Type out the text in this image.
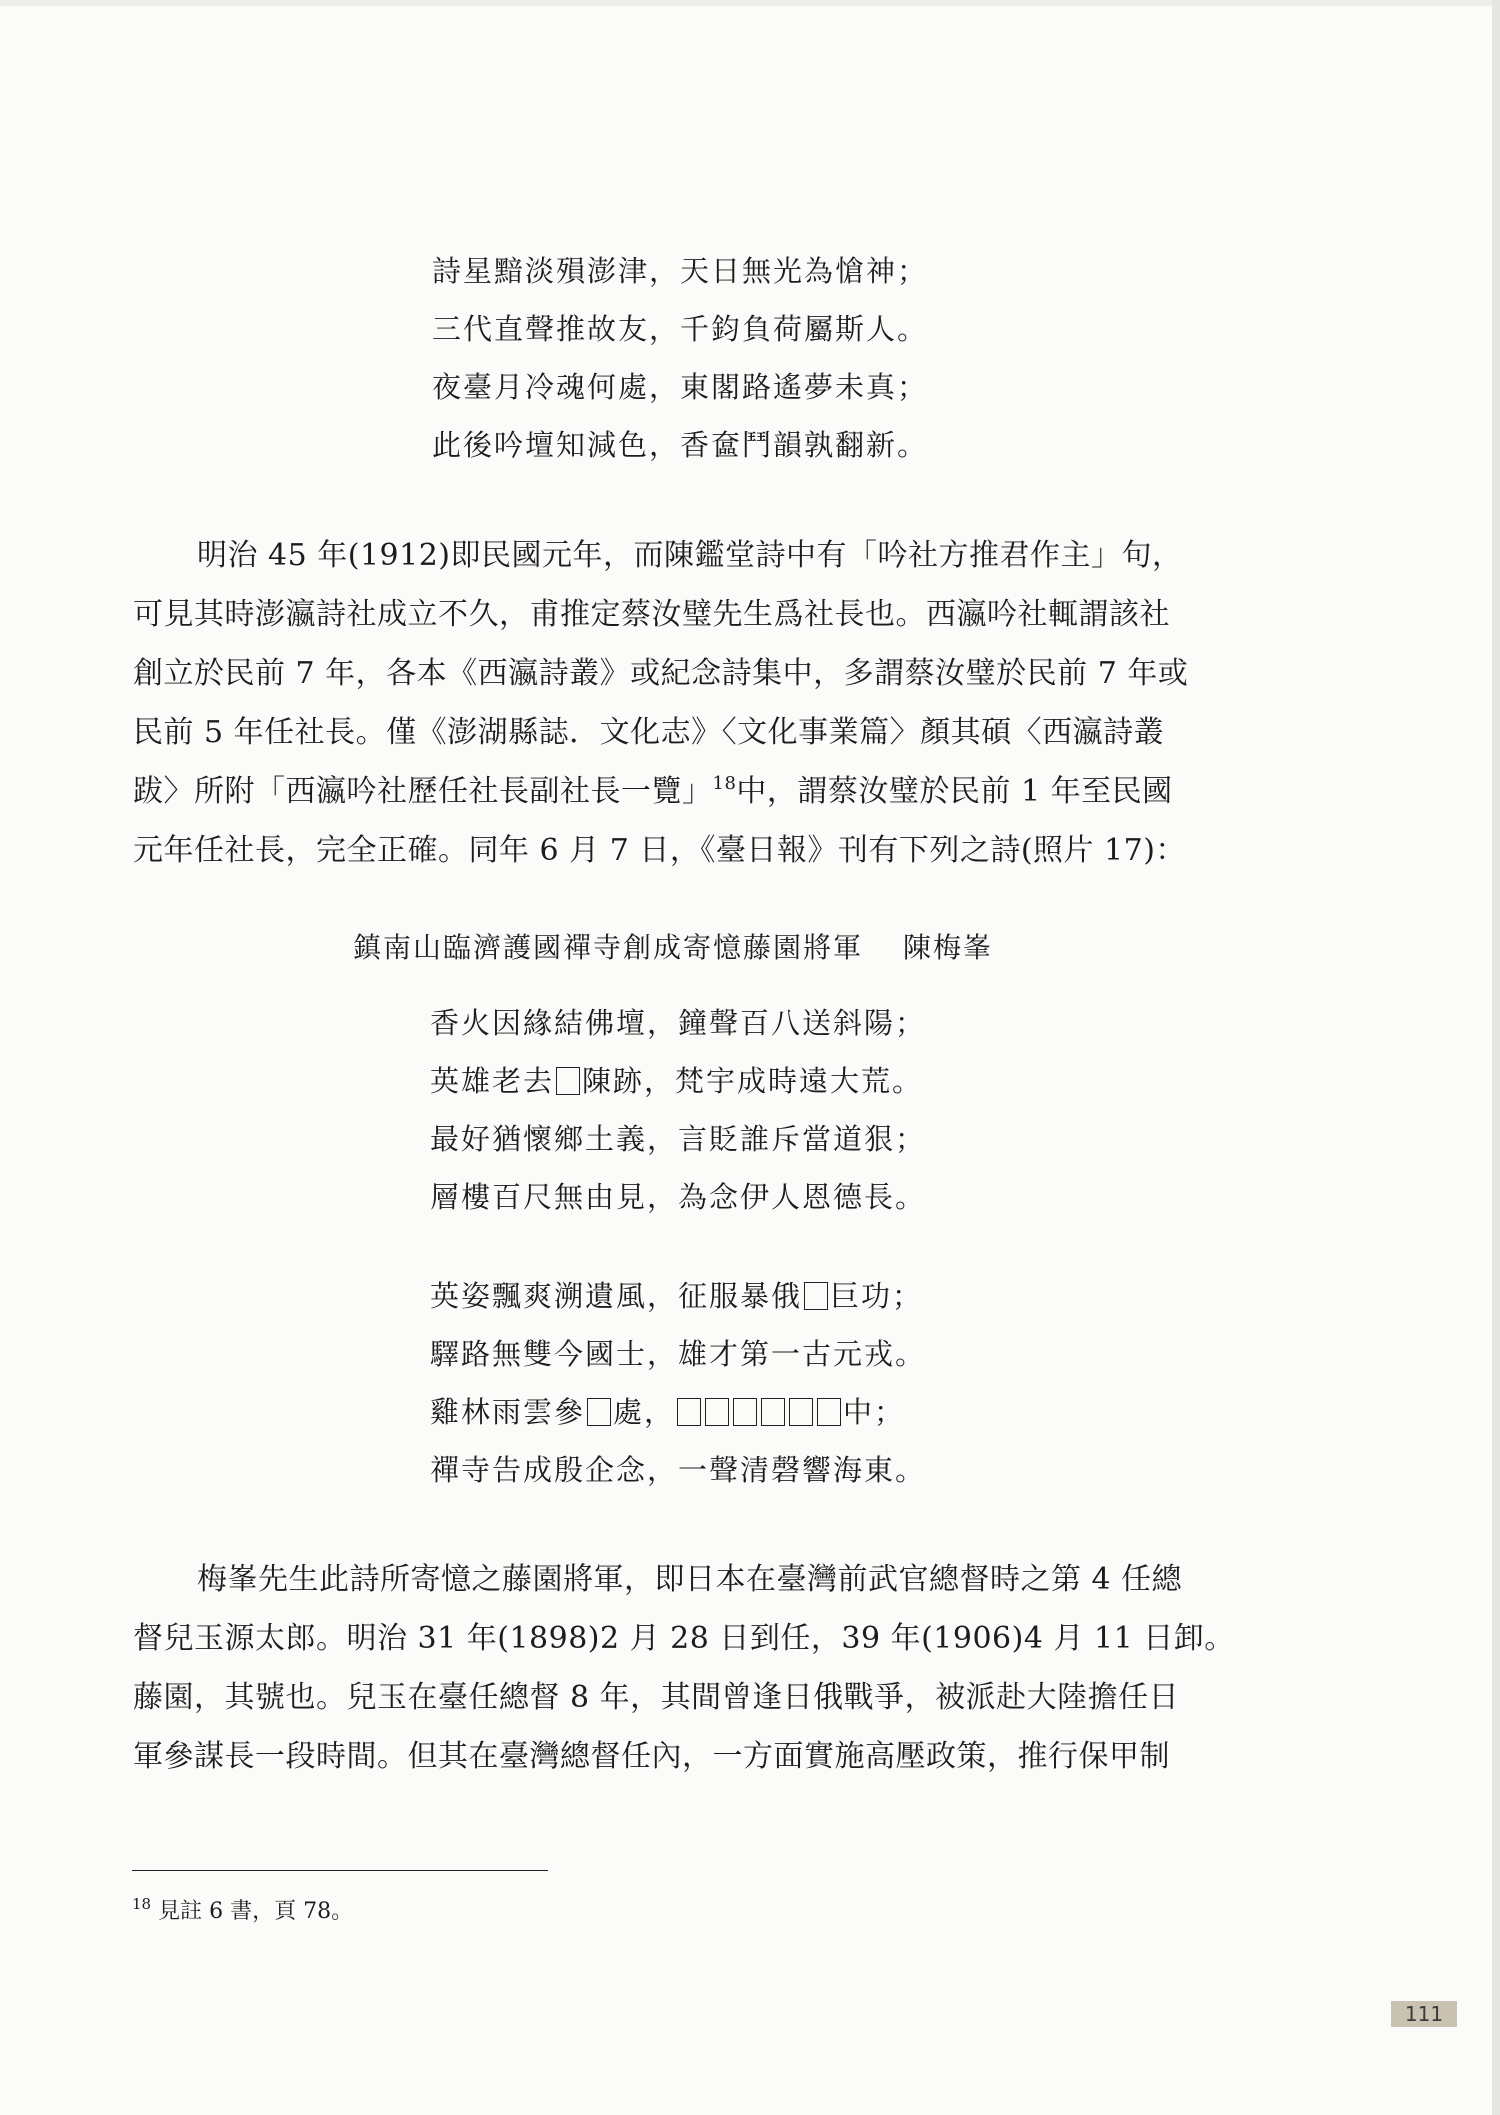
詩星黯淡殞澎津，天日無光為愴神；
三代直聲推故友，千鈞負荷屬斯人。
夜臺月冷魂何處，東閣路遙夢未真；
此後吟壇知減色，香奩鬥韻孰翻新。
明治 45 年(1912)即民國元年，而陳鑑堂詩中有「吟社方推君作主」句，
可見其時澎瀛詩社成立不久，甫推定蔡汝璧先生爲社長也。西瀛吟社輒謂該社
創立於民前 7 年，各本《西瀛詩叢》或紀念詩集中，多謂蔡汝璧於民前 7 年或
民前 5 年任社長。僅《澎湖縣誌．文化志》〈文化事業篇〉顏其碩〈西瀛詩叢
跋〉所附「西瀛吟社歷任社長副社長一覽」$^{18}$中，謂蔡汝璧於民前 1 年至民國
元年任社長，完全正確。同年 6 月 7 日，《臺日報》刊有下列之詩(照片 17)：

鎮南山臨濟護國禪寺創成寄憶藤園將軍 陳梅峯

香火因緣結佛壇，鐘聲百八送斜陽；
英雄老去 陳跡，梵宇成時遠大荒。
最好猶懷鄉土義，言貶誰斥當道狠；
層樓百尺無由見，為念伊人恩德長。
英姿飄爽溯遺風，征服暴俄 巨功；
驛路無雙今國士，雄才第一古元戎。
雞林雨雲參 處，	中；
禪寺告成殷企念，一聲清磬響海東。
梅峯先生此詩所寄憶之藤園將軍，即日本在臺灣前武官總督時之第 4 任總
督兒玉源太郎。明治 31 年(1898)2 月 28 日到任，39 年(1906)4 月 11 日卸。
藤園，其號也。兒玉在臺任總督 8 年，其間曾逢日俄戰爭，被派赴大陸擔任日
軍參謀長一段時間。但其在臺灣總督任內，一方面實施高壓政策，推行保甲制

$^{18}$ 見註 6 書，頁 78。

111
